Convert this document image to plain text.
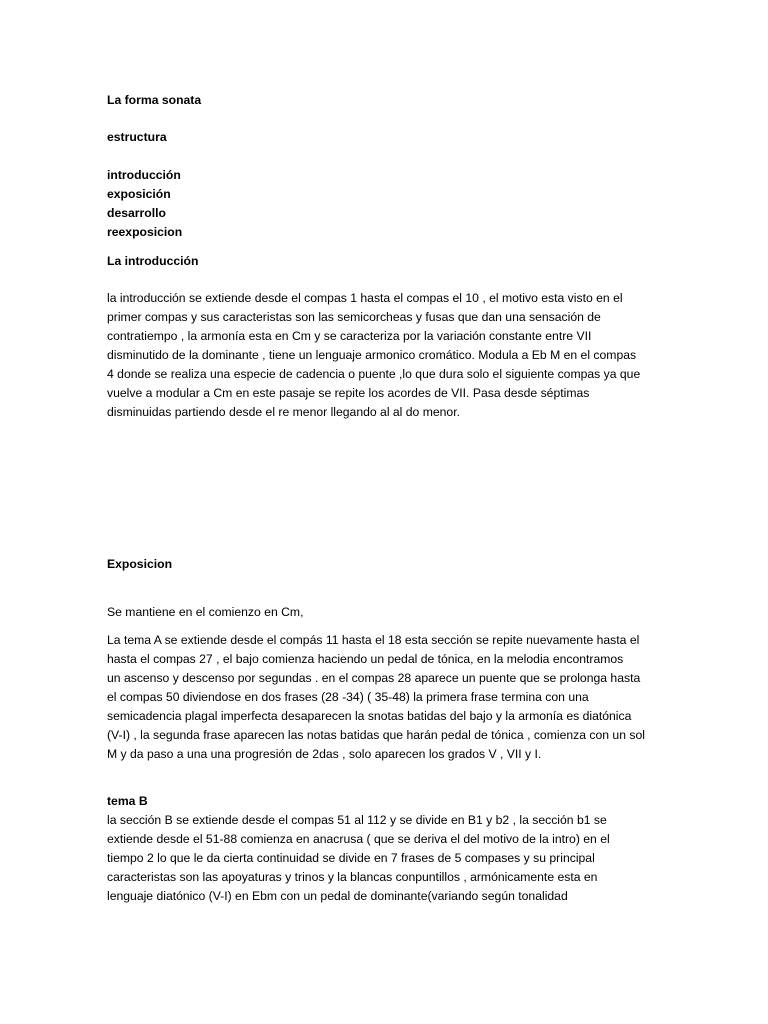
La forma sonata

estructura

introducción
exposición
desarrollo
reexposicion

La introducción

la introducción se extiende desde el compas 1 hasta el compas el 10 , el motivo esta visto en el
primer compas y sus caracteristas son las semicorcheas y fusas que dan una sensación de
contratiempo , la armonía esta en Cm y se caracteriza por la variación constante entre VII
disminutido de la dominante , tiene un lenguaje armonico cromático. Modula a Eb M en el compas
4 donde se realiza una especie de cadencia o puente ,lo que dura solo el siguiente compas ya que
vuelve a modular a Cm en este pasaje se repite los acordes de VII. Pasa desde séptimas
disminuidas partiendo desde el re menor llegando al al do menor.

Exposicion

Se mantiene en el comienzo en Cm,

La tema A se extiende desde el compás 11 hasta el 18 esta sección se repite nuevamente hasta el
hasta el compas 27 , el bajo comienza haciendo un pedal de tónica, en la melodia encontramos
un ascenso y descenso por segundas . en el compas 28 aparece un puente que se prolonga hasta
el compas 50 diviendose en dos frases (28 -34) ( 35-48) la primera frase termina con una
semicadencia plagal imperfecta desaparecen la snotas batidas del bajo y la armonía es diatónica
(V-I) , la segunda frase aparecen las notas batidas que harán pedal de tónica , comienza con un sol
M y da paso a una una progresión de 2das , solo aparecen los grados V , VII y I.
tema B
la sección B se extiende desde el compas 51 al 112 y se divide en B1 y b2 , la sección b1 se
extiende desde el 51-88 comienza en anacrusa ( que se deriva el del motivo de la intro) en el
tiempo 2 lo que le da cierta continuidad se divide en 7 frases de 5 compases y su principal
caracteristas son las apoyaturas y trinos y la blancas conpuntillos , armónicamente esta en
lenguaje diatónico (V-I) en Ebm con un pedal de dominante(variando según tonalidad
